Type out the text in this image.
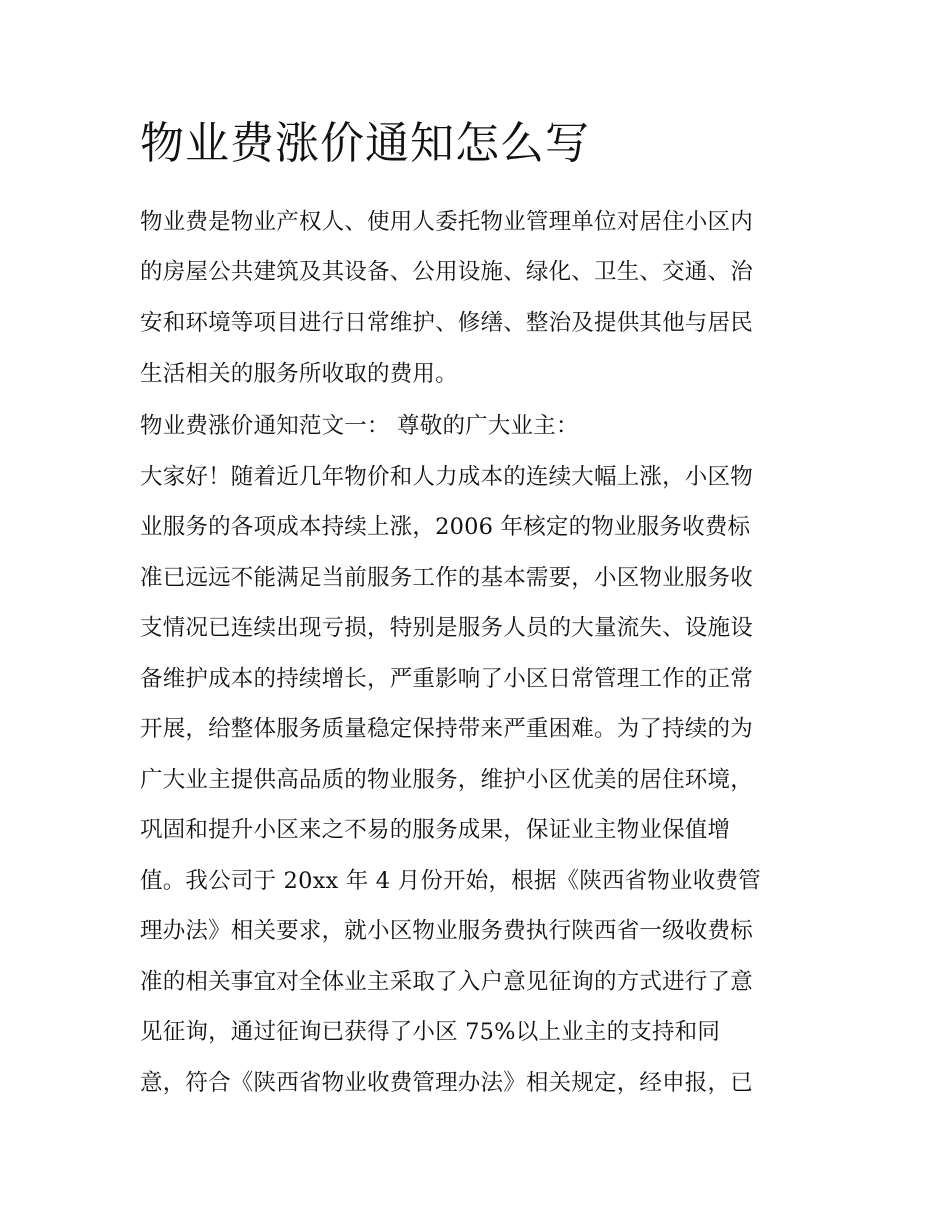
物业费涨价通知怎么写
物业费是物业产权人、使用人委托物业管理单位对居住小区内
的房屋公共建筑及其设备、公用设施、绿化、卫生、交通、治
安和环境等项目进行日常维护、修缮、整治及提供其他与居民
生活相关的服务所收取的费用。
物业费涨价通知范文一： 尊敬的广大业主：
大家好！随着近几年物价和人力成本的连续大幅上涨，小区物
业服务的各项成本持续上涨，2006 年核定的物业服务收费标
准已远远不能满足当前服务工作的基本需要，小区物业服务收
支情况已连续出现亏损，特别是服务人员的大量流失、设施设
备维护成本的持续增长，严重影响了小区日常管理工作的正常
开展，给整体服务质量稳定保持带来严重困难。为了持续的为
广大业主提供高品质的物业服务，维护小区优美的居住环境，
巩固和提升小区来之不易的服务成果，保证业主物业保值增
值。我公司于 20xx 年 4 月份开始，根据《陕西省物业收费管
理办法》相关要求，就小区物业服务费执行陕西省一级收费标
准的相关事宜对全体业主采取了入户意见征询的方式进行了意
见征询，通过征询已获得了小区 75%以上业主的支持和同
意，符合《陕西省物业收费管理办法》相关规定，经申报，已
